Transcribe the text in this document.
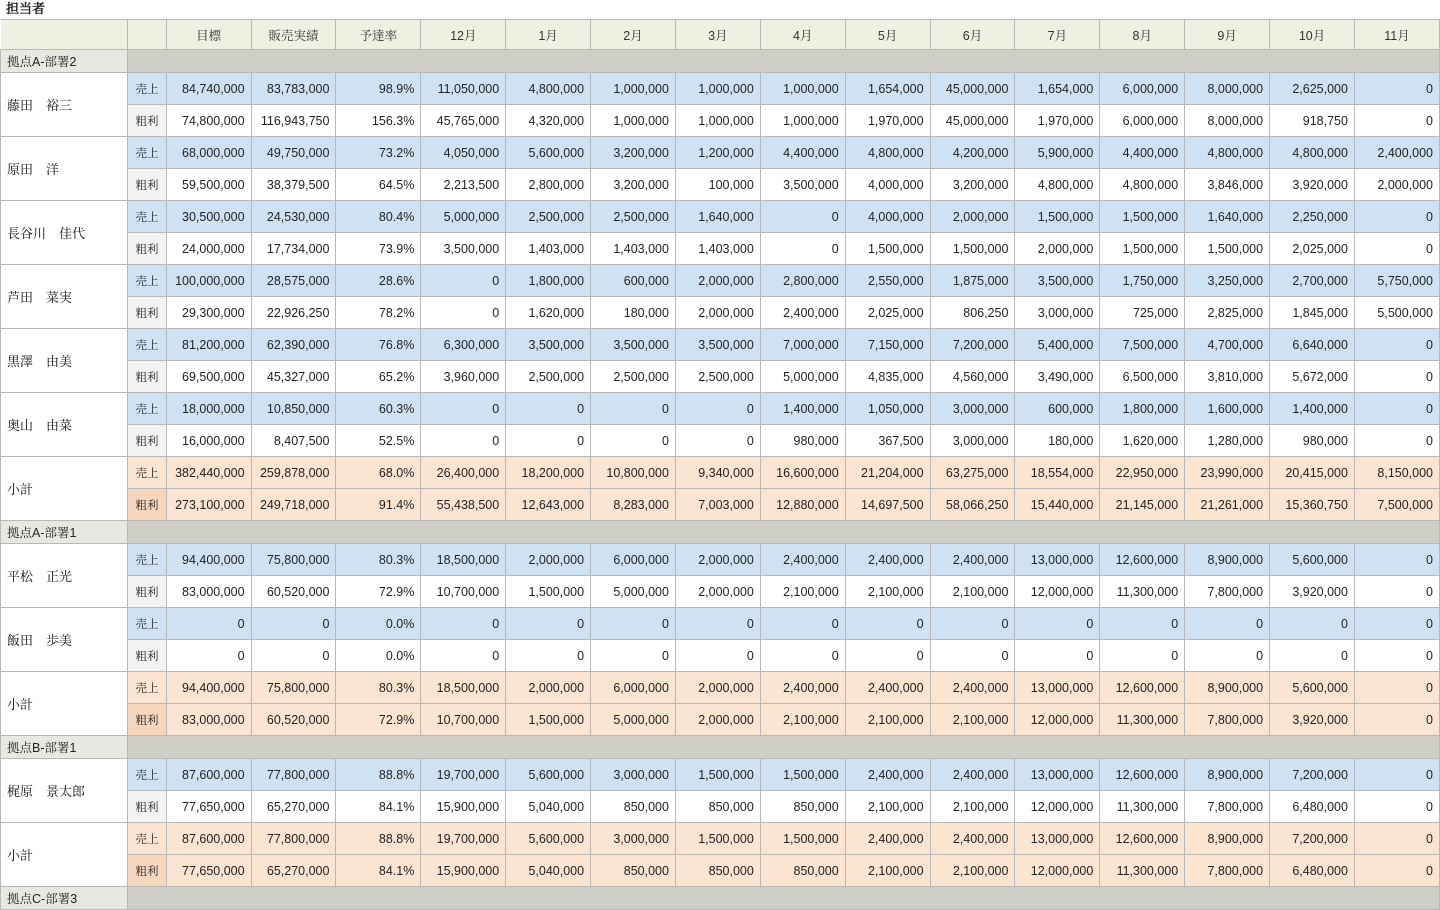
担当者
		目標	販売実績	予達率	12月	1月	2月	3月	4月	5月	6月	7月	8月	9月	10月	11月
拠点A-部署2																
藤田　裕三	売上	84,740,000	83,783,000	98.9%	11,050,000	4,800,000	1,000,000	1,000,000	1,000,000	1,654,000	45,000,000	1,654,000	6,000,000	8,000,000	2,625,000	0
	粗利	74,800,000	116,943,750	156.3%	45,765,000	4,320,000	1,000,000	1,000,000	1,000,000	1,970,000	45,000,000	1,970,000	6,000,000	8,000,000	918,750	0
原田　洋	売上	68,000,000	49,750,000	73.2%	4,050,000	5,600,000	3,200,000	1,200,000	4,400,000	4,800,000	4,200,000	5,900,000	4,400,000	4,800,000	4,800,000	2,400,000
	粗利	59,500,000	38,379,500	64.5%	2,213,500	2,800,000	3,200,000	100,000	3,500,000	4,000,000	3,200,000	4,800,000	4,800,000	3,846,000	3,920,000	2,000,000
長谷川　佳代	売上	30,500,000	24,530,000	80.4%	5,000,000	2,500,000	2,500,000	1,640,000	0	4,000,000	2,000,000	1,500,000	1,500,000	1,640,000	2,250,000	0
	粗利	24,000,000	17,734,000	73.9%	3,500,000	1,403,000	1,403,000	1,403,000	0	1,500,000	1,500,000	2,000,000	1,500,000	1,500,000	2,025,000	0
芦田　菜実	売上	100,000,000	28,575,000	28.6%	0	1,800,000	600,000	2,000,000	2,800,000	2,550,000	1,875,000	3,500,000	1,750,000	3,250,000	2,700,000	5,750,000
	粗利	29,300,000	22,926,250	78.2%	0	1,620,000	180,000	2,000,000	2,400,000	2,025,000	806,250	3,000,000	725,000	2,825,000	1,845,000	5,500,000
黒澤　由美	売上	81,200,000	62,390,000	76.8%	6,300,000	3,500,000	3,500,000	3,500,000	7,000,000	7,150,000	7,200,000	5,400,000	7,500,000	4,700,000	6,640,000	0
	粗利	69,500,000	45,327,000	65.2%	3,960,000	2,500,000	2,500,000	2,500,000	5,000,000	4,835,000	4,560,000	3,490,000	6,500,000	3,810,000	5,672,000	0
奥山　由菜	売上	18,000,000	10,850,000	60.3%	0	0	0	0	1,400,000	1,050,000	3,000,000	600,000	1,800,000	1,600,000	1,400,000	0
	粗利	16,000,000	8,407,500	52.5%	0	0	0	0	980,000	367,500	3,000,000	180,000	1,620,000	1,280,000	980,000	0
小計	売上	382,440,000	259,878,000	68.0%	26,400,000	18,200,000	10,800,000	9,340,000	16,600,000	21,204,000	63,275,000	18,554,000	22,950,000	23,990,000	20,415,000	8,150,000
	粗利	273,100,000	249,718,000	91.4%	55,438,500	12,643,000	8,283,000	7,003,000	12,880,000	14,697,500	58,066,250	15,440,000	21,145,000	21,261,000	15,360,750	7,500,000
拠点A-部署1																
平松　正光	売上	94,400,000	75,800,000	80.3%	18,500,000	2,000,000	6,000,000	2,000,000	2,400,000	2,400,000	2,400,000	13,000,000	12,600,000	8,900,000	5,600,000	0
	粗利	83,000,000	60,520,000	72.9%	10,700,000	1,500,000	5,000,000	2,000,000	2,100,000	2,100,000	2,100,000	12,000,000	11,300,000	7,800,000	3,920,000	0
飯田　歩美	売上	0	0	0.0%	0	0	0	0	0	0	0	0	0	0	0	0
	粗利	0	0	0.0%	0	0	0	0	0	0	0	0	0	0	0	0
小計	売上	94,400,000	75,800,000	80.3%	18,500,000	2,000,000	6,000,000	2,000,000	2,400,000	2,400,000	2,400,000	13,000,000	12,600,000	8,900,000	5,600,000	0
	粗利	83,000,000	60,520,000	72.9%	10,700,000	1,500,000	5,000,000	2,000,000	2,100,000	2,100,000	2,100,000	12,000,000	11,300,000	7,800,000	3,920,000	0
拠点B-部署1																
梶原　景太郎	売上	87,600,000	77,800,000	88.8%	19,700,000	5,600,000	3,000,000	1,500,000	1,500,000	2,400,000	2,400,000	13,000,000	12,600,000	8,900,000	7,200,000	0
	粗利	77,650,000	65,270,000	84.1%	15,900,000	5,040,000	850,000	850,000	850,000	2,100,000	2,100,000	12,000,000	11,300,000	7,800,000	6,480,000	0
小計	売上	87,600,000	77,800,000	88.8%	19,700,000	5,600,000	3,000,000	1,500,000	1,500,000	2,400,000	2,400,000	13,000,000	12,600,000	8,900,000	7,200,000	0
	粗利	77,650,000	65,270,000	84.1%	15,900,000	5,040,000	850,000	850,000	850,000	2,100,000	2,100,000	12,000,000	11,300,000	7,800,000	6,480,000	0
拠点C-部署3																
